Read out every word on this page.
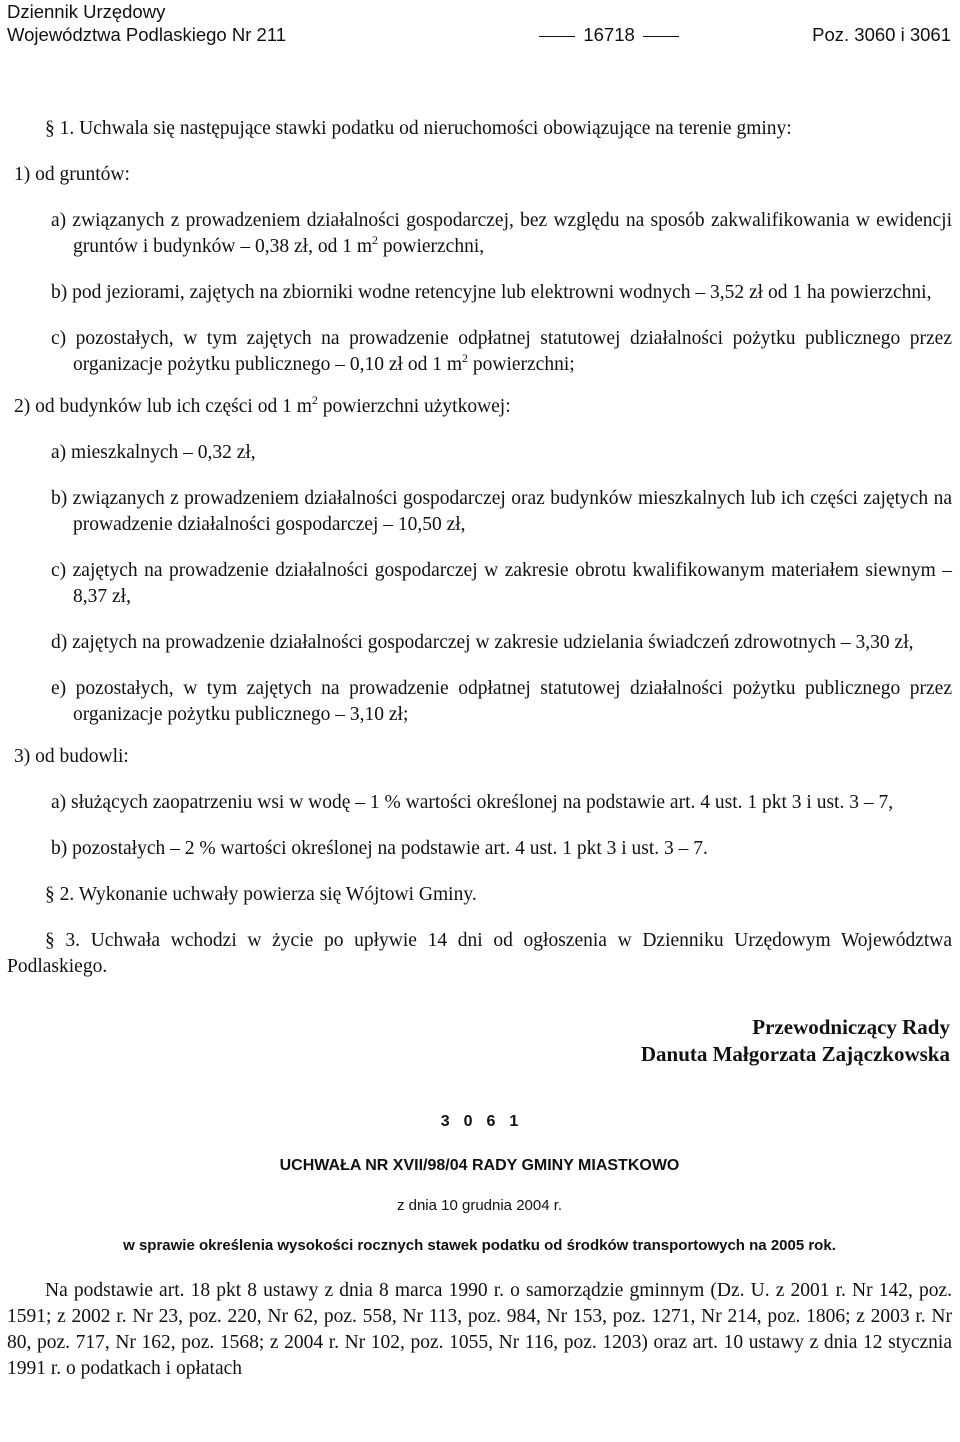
Dziennik Urzędowy
Województwa Podlaskiego Nr 211	16718	Poz. 3060 i 3061

§ 1. Uchwala się następujące stawki podatku od nieruchomości obowiązujące na terenie gminy:

1) od gruntów:

a) związanych z prowadzeniem działalności gospodarczej, bez względu na sposób zakwalifikowania w ewidencji gruntów i budynków – 0,38 zł, od 1 $m^2$ powierzchni,

b) pod jeziorami, zajętych na zbiorniki wodne retencyjne lub elektrowni wodnych – 3,52 zł od 1 ha powierzchni,

c) pozostałych, w tym zajętych na prowadzenie odpłatnej statutowej działalności pożytku publicznego przez organizacje pożytku publicznego – 0,10 zł od 1 $m^2$ powierzchni;

2) od budynków lub ich części od 1 $m^2$ powierzchni użytkowej:

a) mieszkalnych – 0,32 zł,

b) związanych z prowadzeniem działalności gospodarczej oraz budynków mieszkalnych lub ich części zajętych na prowadzenie działalności gospodarczej – 10,50 zł,

c) zajętych na prowadzenie działalności gospodarczej w zakresie obrotu kwalifikowanym materiałem siewnym – 8,37 zł,

d) zajętych na prowadzenie działalności gospodarczej w zakresie udzielania świadczeń zdrowotnych – 3,30 zł,

e) pozostałych, w tym zajętych na prowadzenie odpłatnej statutowej działalności pożytku publicznego przez organizacje pożytku publicznego – 3,10 zł;

3) od budowli:

a) służących zaopatrzeniu wsi w wodę – 1 % wartości określonej na podstawie art. 4 ust. 1 pkt 3 i ust. 3 – 7,

b) pozostałych – 2 % wartości określonej na podstawie art. 4 ust. 1 pkt 3 i ust. 3 – 7.

§ 2. Wykonanie uchwały powierza się Wójtowi Gminy.

§ 3. Uchwała wchodzi w życie po upływie 14 dni od ogłoszenia w Dzienniku Urzędowym Województwa Podlaskiego.

Przewodniczący Rady
Danuta Małgorzata Zajączkowska
3061
UCHWAŁA NR XVII/98/04 RADY GMINY MIASTKOWO
z dnia 10 grudnia 2004 r.
w sprawie określenia wysokości rocznych stawek podatku od środków transportowych na 2005 rok.

Na podstawie art. 18 pkt 8 ustawy z dnia 8 marca 1990 r. o samorządzie gminnym (Dz. U. z 2001 r. Nr 142, poz. 1591; z 2002 r. Nr 23, poz. 220, Nr 62, poz. 558, Nr 113, poz. 984, Nr 153, poz. 1271, Nr 214, poz. 1806; z 2003 r. Nr 80, poz. 717, Nr 162, poz. 1568; z 2004 r. Nr 102, poz. 1055, Nr 116, poz. 1203) oraz art. 10 ustawy z dnia 12 stycznia 1991 r. o podatkach i opłatach
